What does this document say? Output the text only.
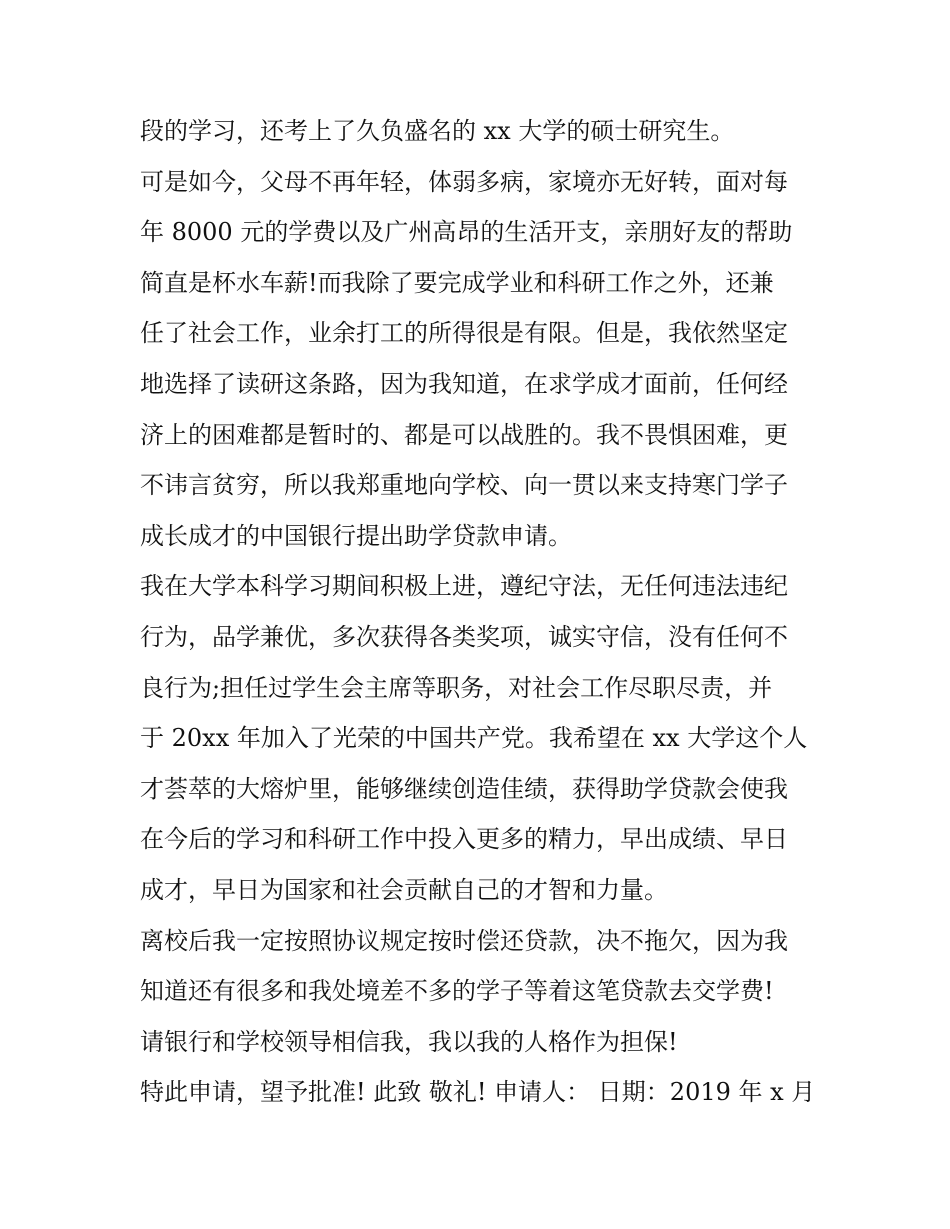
段的学习，还考上了久负盛名的 xx 大学的硕士研究生。
可是如今，父母不再年轻，体弱多病，家境亦无好转，面对每
年 8000 元的学费以及广州高昂的生活开支，亲朋好友的帮助
简直是杯水车薪!而我除了要完成学业和科研工作之外，还兼
任了社会工作，业余打工的所得很是有限。但是，我依然坚定
地选择了读研这条路，因为我知道，在求学成才面前，任何经
济上的困难都是暂时的、都是可以战胜的。我不畏惧困难，更
不讳言贫穷，所以我郑重地向学校、向一贯以来支持寒门学子
成长成才的中国银行提出助学贷款申请。
我在大学本科学习期间积极上进，遵纪守法，无任何违法违纪
行为，品学兼优，多次获得各类奖项，诚实守信，没有任何不
良行为;担任过学生会主席等职务，对社会工作尽职尽责，并
于 20xx 年加入了光荣的中国共产党。我希望在 xx 大学这个人
才荟萃的大熔炉里，能够继续创造佳绩，获得助学贷款会使我
在今后的学习和科研工作中投入更多的精力，早出成绩、早日
成才，早日为国家和社会贡献自己的才智和力量。
离校后我一定按照协议规定按时偿还贷款，决不拖欠，因为我
知道还有很多和我处境差不多的学子等着这笔贷款去交学费!
请银行和学校领导相信我，我以我的人格作为担保!
特此申请，望予批准! 此致 敬礼! 申请人： 日期：2019 年 x 月
